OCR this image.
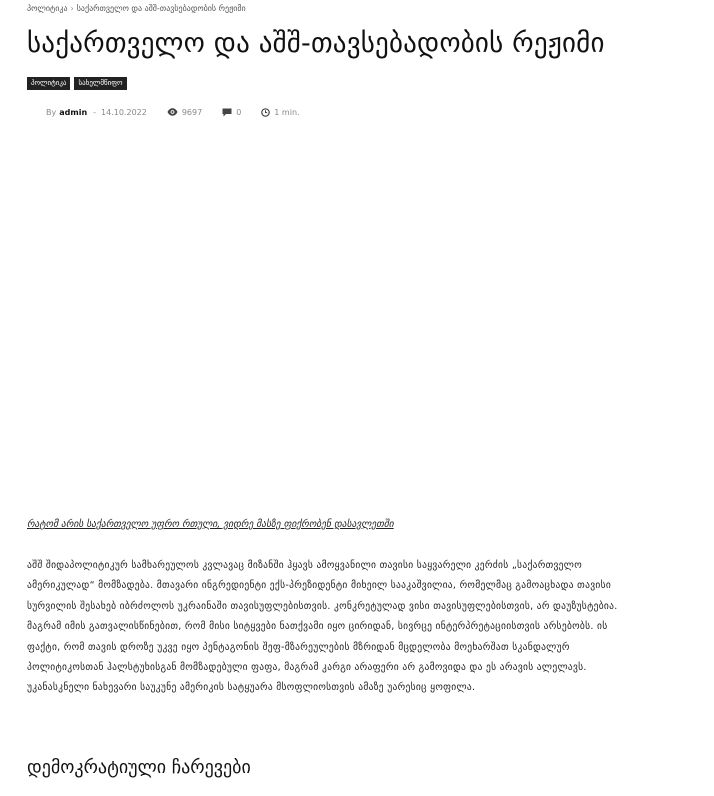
პოლიტიკა › საქართველო და აშშ-თავსებადობის რეჟიმი
საქართველო და აშშ-თავსებადობის რეჟიმი
პოლიტიკა	სახელმწიფო
By admin - 14.10.2022	9697	0	1 min.

რატომ არის საქართველო უფრო რთული, ვიდრე მასზე ფიქრობენ დასავლეთში

აშშ შიდაპოლიტიკურ სამხარეულოს კვლავაც მიზანში ჰყავს ამოყვანილი თავისი საყვარელი კერძის „საქართველო ამერიკულად“ მომზადება. მთავარი ინგრედიენტი ექს-პრეზიდენტი მიხეილ სააკაშვილია, რომელმაც გამოაცხადა თავისი სურვილის შესახებ იბრძოლოს უკრაინაში თავისუფლებისთვის. კონკრეტულად ვისი თავისუფლებისთვის, არ დაუზუსტებია. მაგრამ იმის გათვალისწინებით, რომ მისი სიტყვები ნათქვამი იყო ცირიდან, სივრცე ინტერპრეტაციისთვის არსებობს. ის ფაქტი, რომ თავის დროზე უკვე იყო პენტაგონის შეფ-მზარეულების მზრიდან მცდელობა მოეხარშათ სკანდალურ პოლიტიკოსთან ჰალსტუხისგან მომზადებული ფაფა, მაგრამ კარგი არაფერი არ გამოვიდა და ეს არავის ალელავს. უკანასკნელი ნახევარი საუკუნე ამერიკის სატყუარა მსოფლიოსთვის ამაზე უარესიც ყოფილა.

დემოკრატიული ჩარევები
